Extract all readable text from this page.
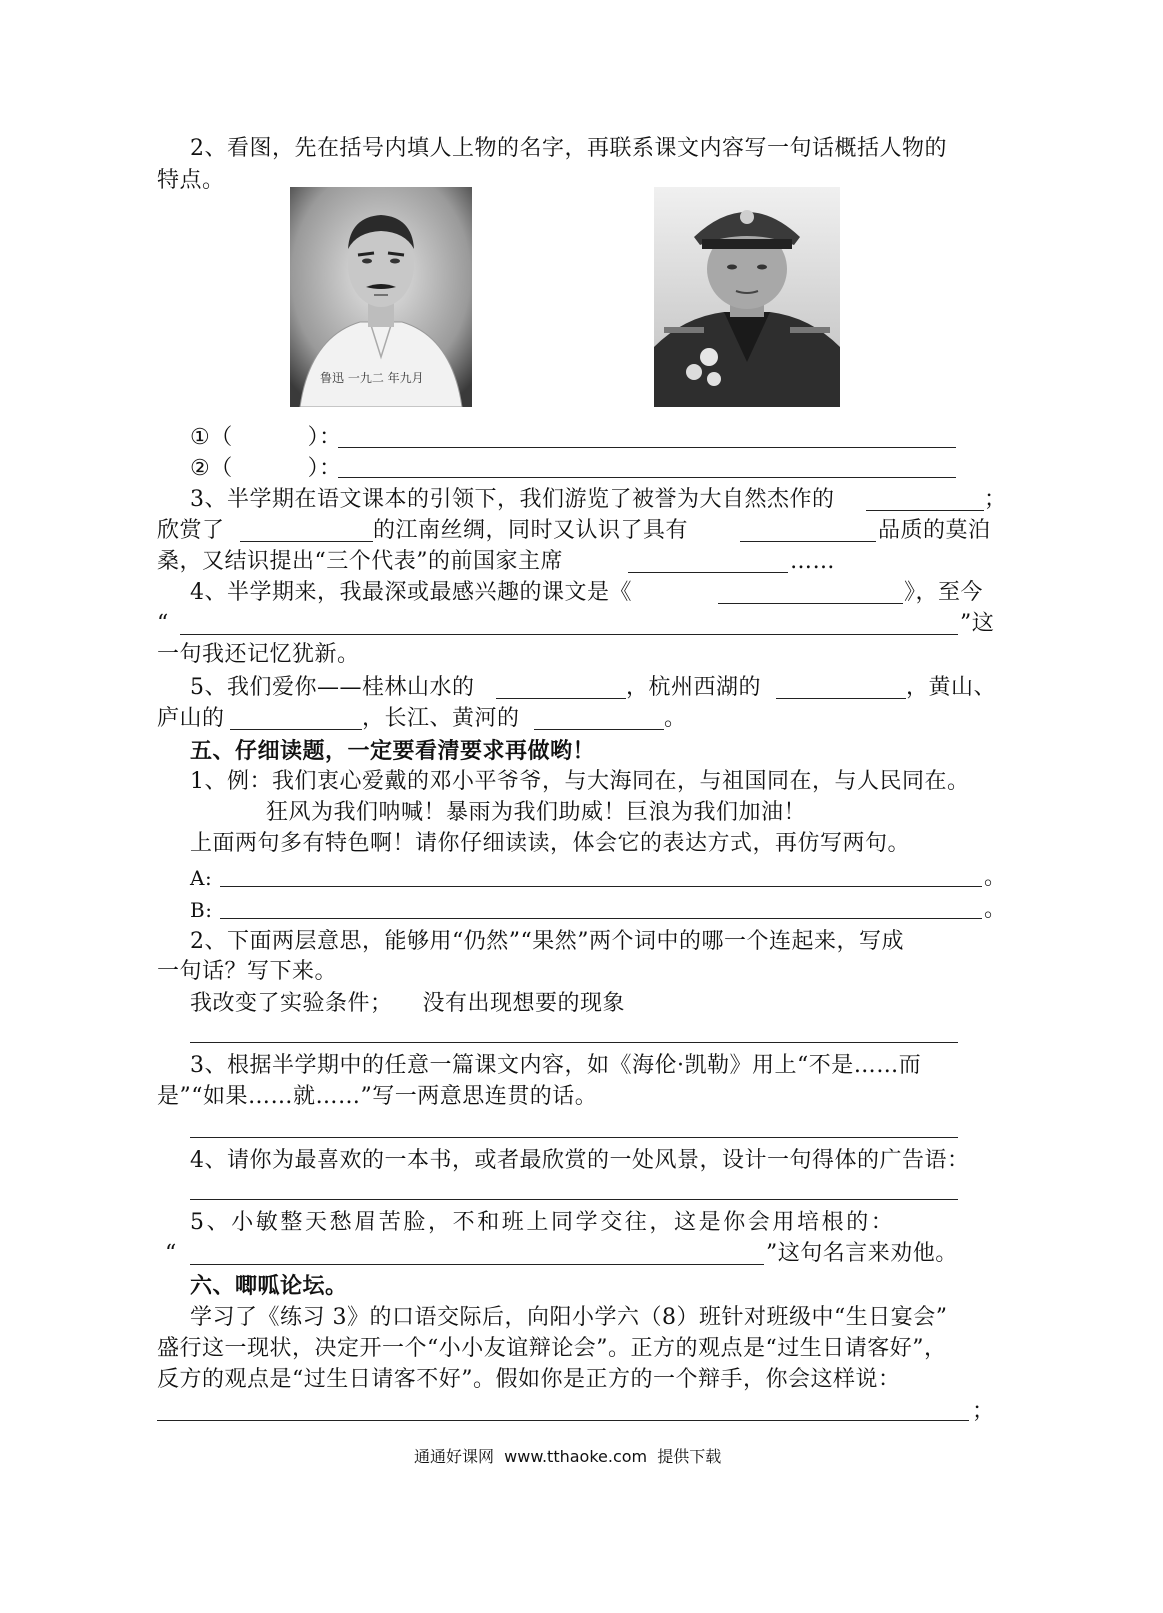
2、看图，先在括号内填人上物的名字，再联系课文内容写一句话概括人物的
特点。
鲁迅 一九二 年九月
①（          ）：
②（          ）：
3、半学期在语文课本的引领下，我们游览了被誉为大自然杰作的	；
欣赏了	的江南丝绸，同时又认识了具有	品质的莫泊
桑，又结识提出“三个代表”的前国家主席	……
4、半学期来，我最深或最感兴趣的课文是《	》，至今
“	”这
一句我还记忆犹新。
5、我们爱你——桂林山水的	，杭州西湖的	，黄山、
庐山的	，长江、黄河的	。
五、仔细读题，一定要看清要求再做哟！
1、例：我们衷心爱戴的邓小平爷爷，与大海同在，与祖国同在，与人民同在。
狂风为我们呐喊！暴雨为我们助威！巨浪为我们加油！
上面两句多有特色啊！请你仔细读读，体会它的表达方式，再仿写两句。
A:	。
B:	。
2、下面两层意思，能够用“仍然”“果然”两个词中的哪一个连起来，写成
一句话？写下来。
我改变了实验条件；    没有出现想要的现象
3、根据半学期中的任意一篇课文内容，如《海伦·凯勒》用上“不是……而
是”“如果……就……”写一两意思连贯的话。
4、请你为最喜欢的一本书，或者最欣赏的一处风景，设计一句得体的广告语：
5、小敏整天愁眉苦脸，不和班上同学交往，这是你会用培根的：
“	”这句名言来劝他。
六、唧呱论坛。
学习了《练习 3》的口语交际后，向阳小学六（8）班针对班级中“生日宴会”
盛行这一现状，决定开一个“小小友谊辩论会”。正方的观点是“过生日请客好”，
反方的观点是“过生日请客不好”。假如你是正方的一个辩手，你会这样说：
；
通通好课网  www.tthaoke.com  提供下载
